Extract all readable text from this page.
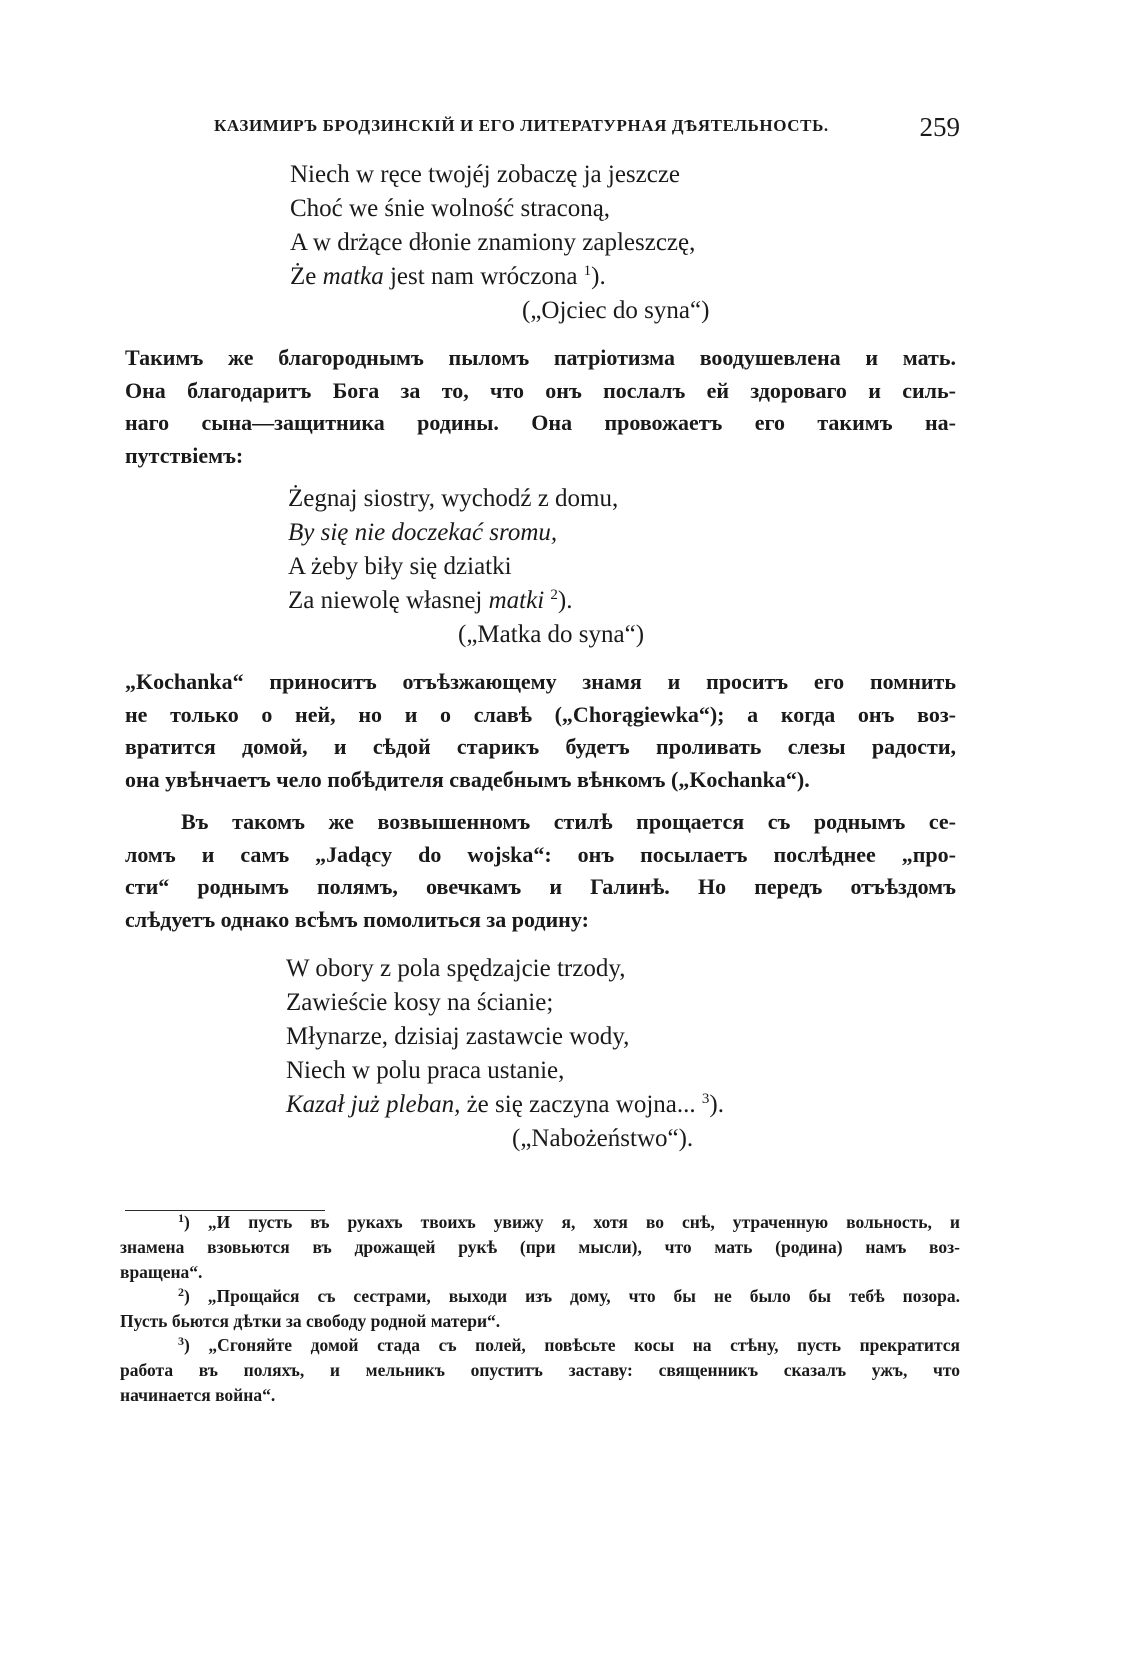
КАЗИМИРЪ БРОДЗИНСКІЙ И ЕГО ЛИТЕРАТУРНАЯ ДѢЯТЕЛЬНОСТЬ.	259
Niech w ręce twojéj zobaczę ja jeszcze
Choć we śnie wolność straconą,
A w drżące dłonie znamiony zapleszczę,
Że matka jest nam wróczona $^1$).
(„Ojciec do syna“)
Такимъ же благороднымъ пыломъ патріотизма воодушевлена и мать.
Она благодаритъ Бога за то, что онъ послалъ ей здороваго и силь-
наго сына—защитника родины. Она провожаетъ его такимъ на-
путствіемъ:
Żegnaj siostry, wychodź z domu,
By się nie doczekać sromu,
A żeby biły się dziatki
Za niewolę własnej matki $^2$).
(„Matka do syna“)
„Kochanka“ приноситъ отъѣзжающему знамя и проситъ его помнить
не только о ней, но и о славѣ („Chorągiewka“); а когда онъ воз-
вратится домой, и сѣдой старикъ будетъ проливать слезы радости,
она увѣнчаетъ чело побѣдителя свадебнымъ вѣнкомъ („Kochanka“).
Въ такомъ же возвышенномъ стилѣ прощается съ роднымъ се-
ломъ и самъ „Jadący do wojska“: онъ посылаетъ послѣднее „про-
сти“ роднымъ полямъ, овечкамъ и Галинѣ. Но передъ отъѣздомъ
слѣдуетъ однако всѣмъ помолиться за родину:
W obory z pola spędzajcie trzody,
Zawieście kosy na ścianie;
Młynarze, dzisiaj zastawcie wody,
Niech w polu praca ustanie,
Kazał już pleban, że się zaczyna wojna... $^3$).
(„Nabożeństwo“).
$^1$) „И пусть въ рукахъ твоихъ увижу я, хотя во снѣ, утраченную вольность, и
знамена взовьются въ дрожащей рукѣ (при мысли), что мать (родина) намъ воз-
вращена“.
$^2$) „Прощайся съ сестрами, выходи изъ дому, что бы не было бы тебѣ позора.
Пусть бьются дѣтки за свободу родной матери“.
$^3$) „Сгоняйте домой стада съ полей, повѣсьте косы на стѣну, пусть прекратится
работа въ поляхъ, и мельникъ опуститъ заставу: священникъ сказалъ ужъ, что
начинается война“.
